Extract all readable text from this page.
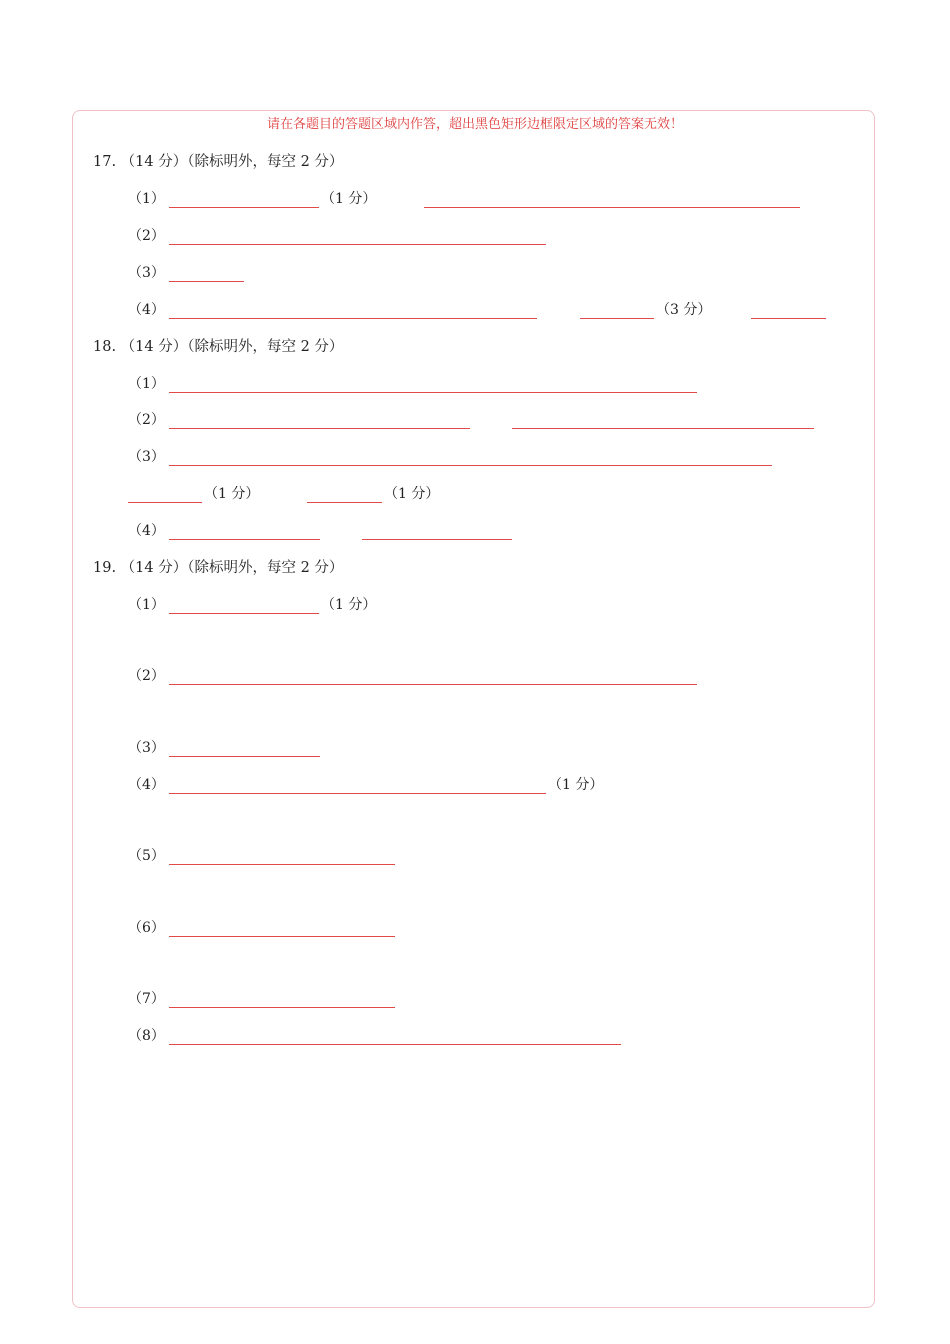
请在各题目的答题区域内作答，超出黑色矩形边框限定区域的答案无效！
17. （14 分）（除标明外，每空 2 分）
（1）	（1 分）
（2）
（3）
（4）	（3 分）
18. （14 分）（除标明外，每空 2 分）
（1）
（2）
（3）
（1 分）	（1 分）
（4）
19. （14 分）（除标明外，每空 2 分）
（1）	（1 分）
（2）
（3）
（4）	（1 分）
（5）
（6）
（7）
（8）
